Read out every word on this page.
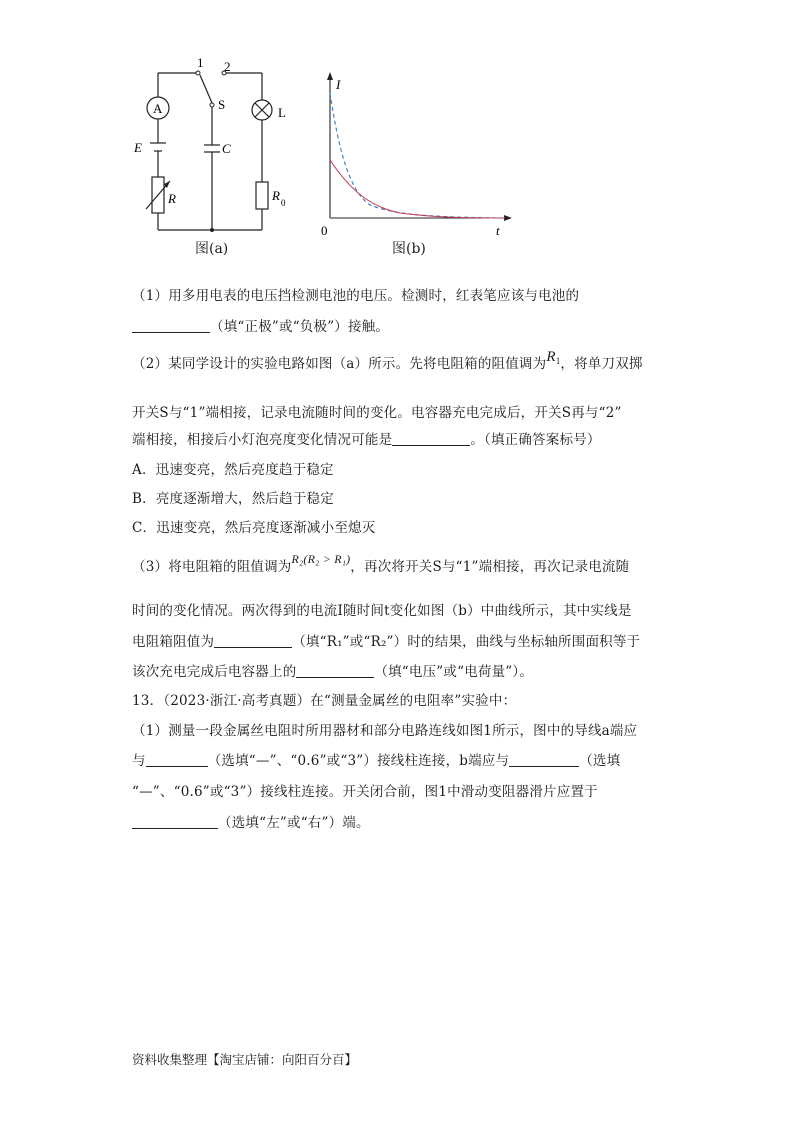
A
1 2
S
E	C
L
R	R 0
I
t
0
图(a)	图(b)
（1）用多用电表的电压挡检测电池的电压。检测时，红表笔应该与电池的
（填“正极”或“负极”）接触。
（2）某同学设计的实验电路如图（a）所示。先将电阻箱的阻值调为R1，将单刀双掷
开关S与“1”端相接，记录电流随时间的变化。电容器充电完成后，开关S再与“2”
端相接，相接后小灯泡亮度变化情况可能是	。（填正确答案标号）
A．迅速变亮，然后亮度趋于稳定
B．亮度逐渐增大，然后趋于稳定
C．迅速变亮，然后亮度逐渐减小至熄灭
（3）将电阻箱的阻值调为R₂(R₂ > R₁)，再次将开关S与“1”端相接，再次记录电流随
时间的变化情况。两次得到的电流I随时间t变化如图（b）中曲线所示，其中实线是
电阻箱阻值为	（填“R₁”或“R₂”）时的结果，曲线与坐标轴所围面积等于
该次充电完成后电容器上的	（填“电压”或“电荷量”）。
13．（2023·浙江·高考真题）在“测量金属丝的电阻率”实验中：
（1）测量一段金属丝电阻时所用器材和部分电路连线如图1所示，图中的导线a端应
与	（选填“—”、“0.6”或“3”）接线柱连接，b端应与	（选填
“—”、“0.6”或“3”）接线柱连接。开关闭合前，图1中滑动变阻器滑片应置于
（选填“左”或“右”）端。
资料收集整理【淘宝店铺：向阳百分百】
